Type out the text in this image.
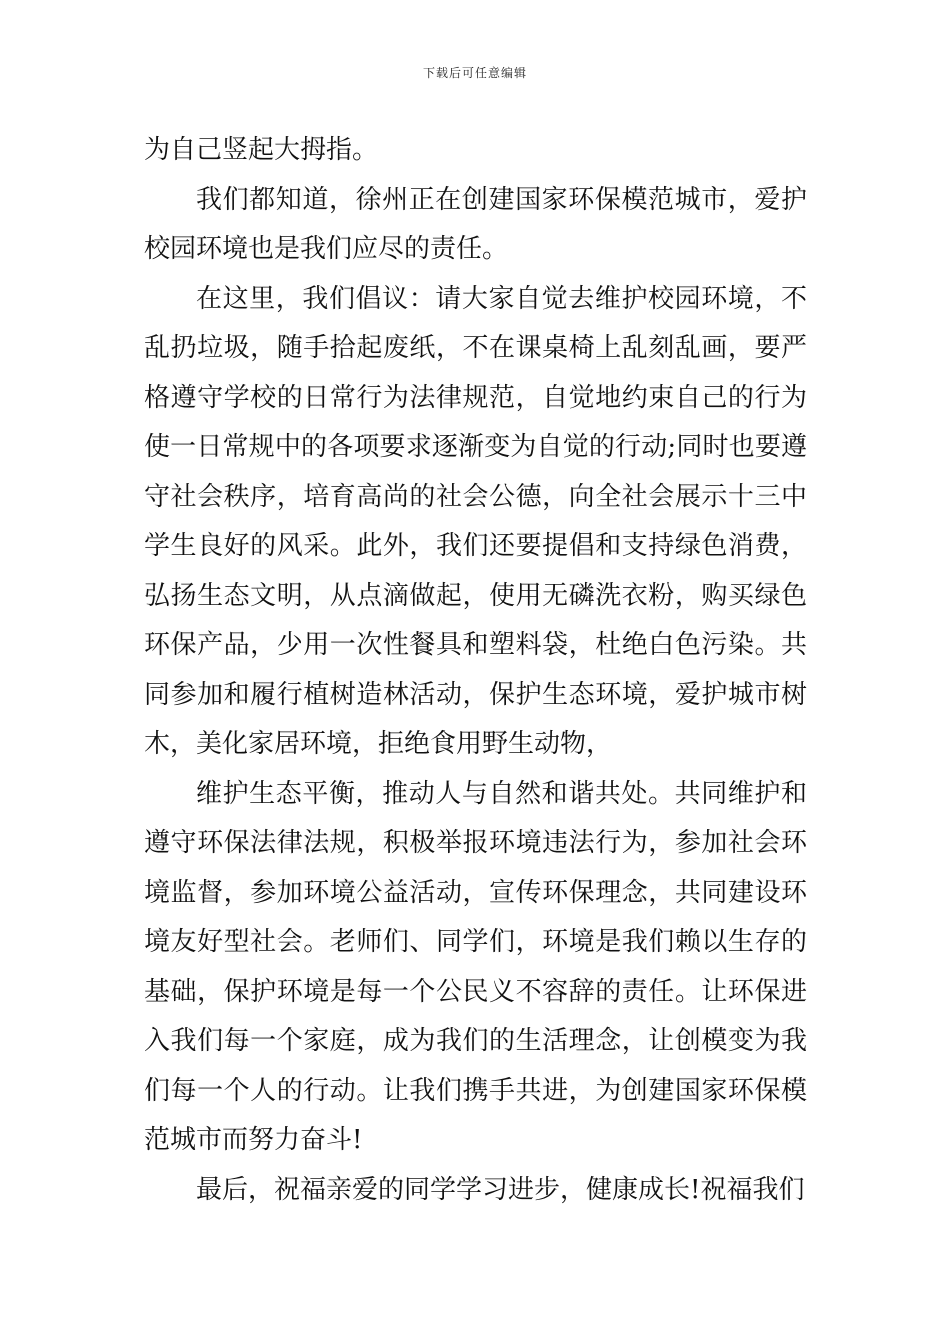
下载后可任意编辑

为自己竖起大拇指。

我们都知道，徐州正在创建国家环保模范城市，爱护校园环境也是我们应尽的责任。

在这里，我们倡议：请大家自觉去维护校园环境，不乱扔垃圾，随手拾起废纸，不在课桌椅上乱刻乱画，要严格遵守学校的日常行为法律规范，自觉地约束自己的行为使一日常规中的各项要求逐渐变为自觉的行动;同时也要遵守社会秩序，培育高尚的社会公德，向全社会展示十三中学生良好的风采。此外，我们还要提倡和支持绿色消费，弘扬生态文明，从点滴做起，使用无磷洗衣粉，购买绿色环保产品，少用一次性餐具和塑料袋，杜绝白色污染。共同参加和履行植树造林活动，保护生态环境，爱护城市树木，美化家居环境，拒绝食用野生动物，

维护生态平衡，推动人与自然和谐共处。共同维护和遵守环保法律法规，积极举报环境违法行为，参加社会环境监督，参加环境公益活动，宣传环保理念，共同建设环境友好型社会。老师们、同学们，环境是我们赖以生存的基础，保护环境是每一个公民义不容辞的责任。让环保进入我们每一个家庭，成为我们的生活理念，让创模变为我们每一个人的行动。让我们携手共进，为创建国家环保模范城市而努力奋斗!

最后，祝福亲爱的同学学习进步，健康成长!祝福我们
